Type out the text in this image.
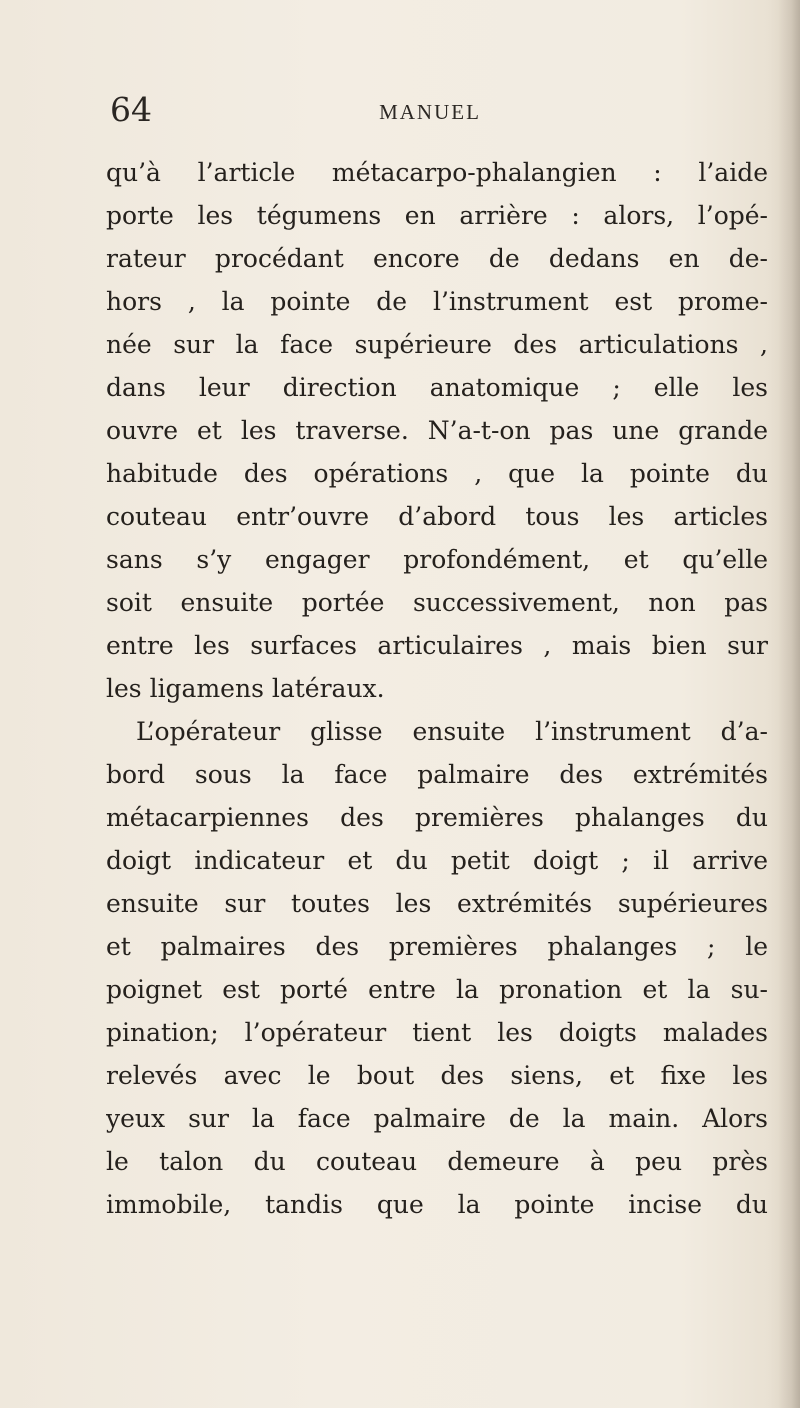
64	MANUEL
qu’à l’article métacarpo-phalangien : l’aide
porte les tégumens en arrière : alors, l’opé-
rateur procédant encore de dedans en de-
hors , la pointe de l’instrument est prome-
née sur la face supérieure des articulations ,
dans leur direction anatomique ; elle les
ouvre et les traverse. N’a-t-on pas une grande
habitude des opérations , que la pointe du
couteau entr’ouvre d’abord tous les articles
sans s’y engager profondément, et qu’elle
soit ensuite portée successivement, non pas
entre les surfaces articulaires , mais bien sur
les ligamens latéraux.
L’opérateur glisse ensuite l’instrument d’a-
bord sous la face palmaire des extrémités
métacarpiennes des premières phalanges du
doigt indicateur et du petit doigt ; il arrive
ensuite sur toutes les extrémités supérieures
et palmaires des premières phalanges ; le
poignet est porté entre la pronation et la su-
pination; l’opérateur tient les doigts malades
relevés avec le bout des siens, et fixe les
yeux sur la face palmaire de la main. Alors
le talon du couteau demeure à peu près
immobile, tandis que la pointe incise du
